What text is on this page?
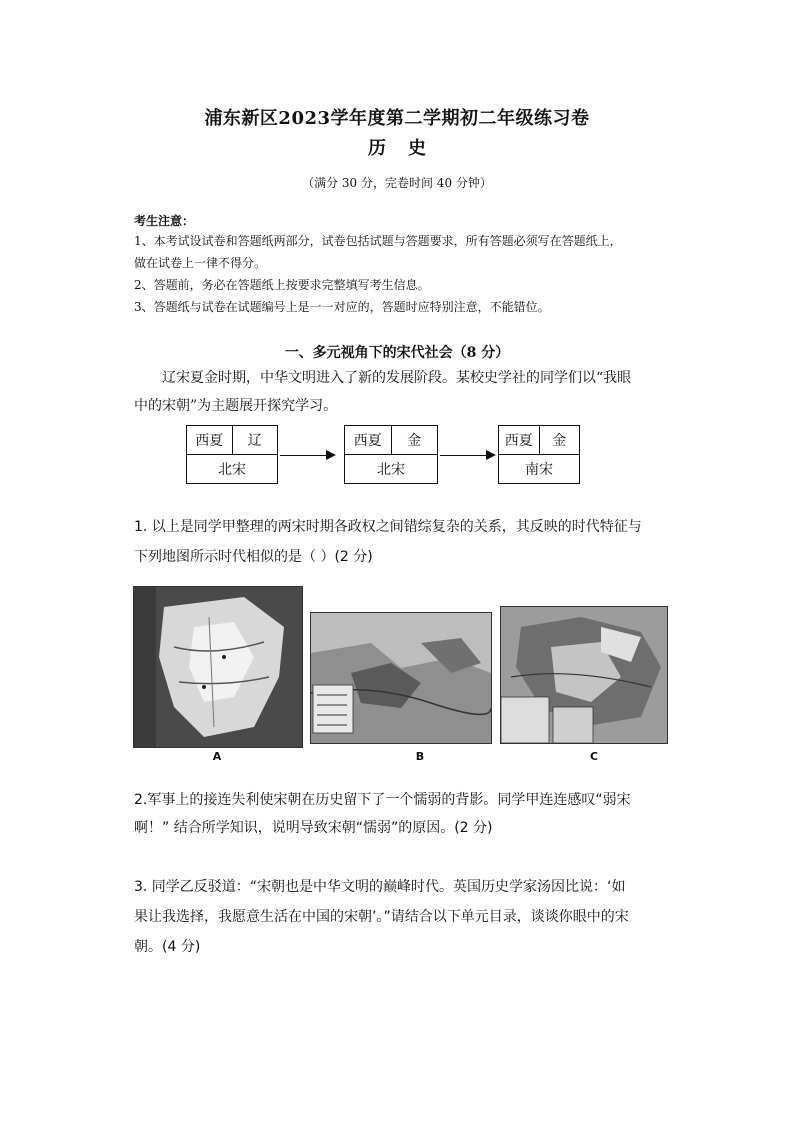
浦东新区2023学年度第二学期初二年级练习卷
历史
（满分 30 分，完卷时间 40 分钟）
考生注意：
1、本考试设试卷和答题纸两部分，试卷包括试题与答题要求，所有答题必须写在答题纸上，
做在试卷上一律不得分。
2、答题前，务必在答题纸上按要求完整填写考生信息。
3、答题纸与试卷在试题编号上是一一对应的，答题时应特别注意，不能错位。
一、多元视角下的宋代社会（8 分）
辽宋夏金时期，中华文明进入了新的发展阶段。某校史学社的同学们以“我眼
中的宋朝”为主题展开探究学习。
西夏	辽
北宋
西夏	金
北宋
西夏	金
南宋
1. 以上是同学甲整理的两宋时期各政权之间错综复杂的关系，其反映的时代特征与
下列地图所示时代相似的是（ ）(2 分)
A	B	C
2.军事上的接连失利使宋朝在历史留下了一个懦弱的背影。同学甲连连感叹“弱宋
啊！” 结合所学知识，说明导致宋朝“懦弱”的原因。(2 分)
3. 同学乙反驳道：“宋朝也是中华文明的巅峰时代。英国历史学家汤因比说：‘如
果让我选择，我愿意生活在中国的宋朝’。”请结合以下单元目录，谈谈你眼中的宋
朝。(4 分)
